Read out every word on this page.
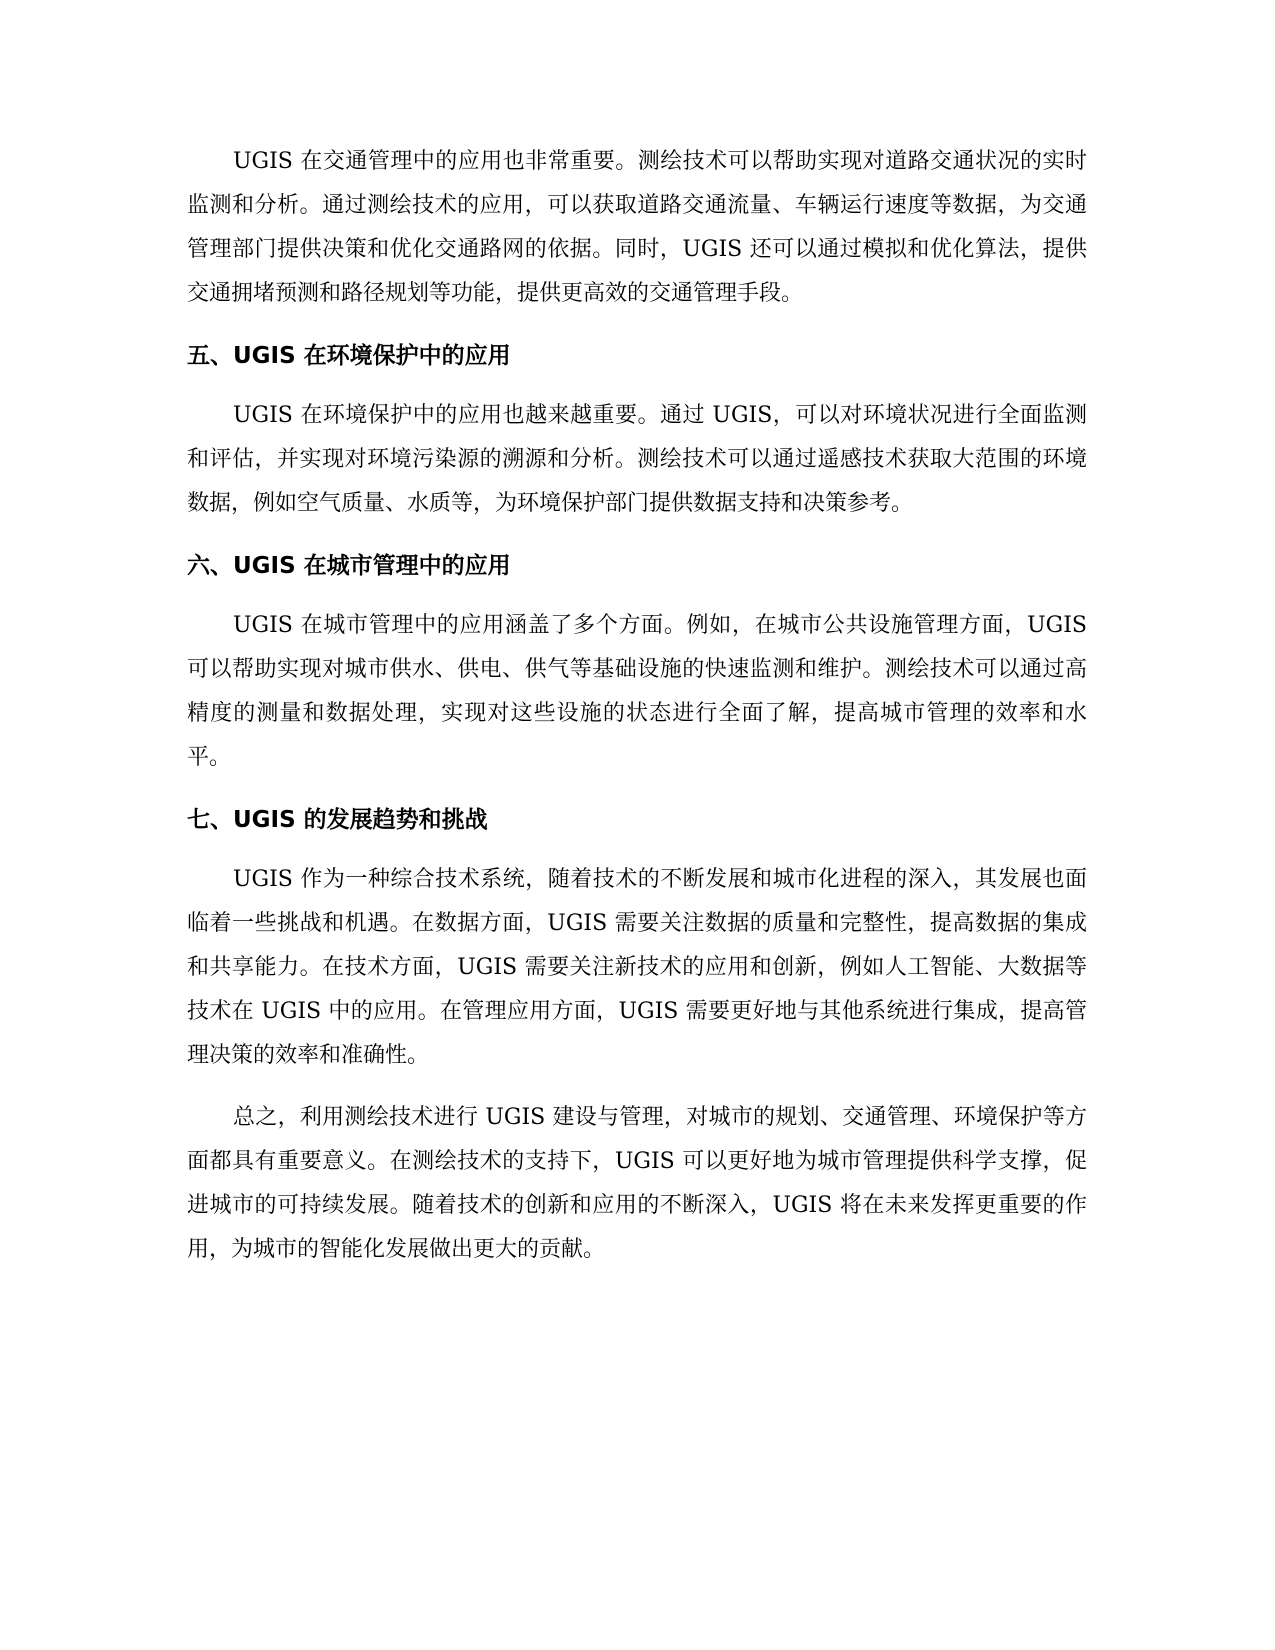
UGIS 在交通管理中的应用也非常重要。测绘技术可以帮助实现对道路交通状况的实时监测和分析。通过测绘技术的应用，可以获取道路交通流量、车辆运行速度等数据，为交通管理部门提供决策和优化交通路网的依据。同时，UGIS 还可以通过模拟和优化算法，提供交通拥堵预测和路径规划等功能，提供更高效的交通管理手段。

五、UGIS 在环境保护中的应用

UGIS 在环境保护中的应用也越来越重要。通过 UGIS，可以对环境状况进行全面监测和评估，并实现对环境污染源的溯源和分析。测绘技术可以通过遥感技术获取大范围的环境数据，例如空气质量、水质等，为环境保护部门提供数据支持和决策参考。

六、UGIS 在城市管理中的应用

UGIS 在城市管理中的应用涵盖了多个方面。例如，在城市公共设施管理方面，UGIS 可以帮助实现对城市供水、供电、供气等基础设施的快速监测和维护。测绘技术可以通过高精度的测量和数据处理，实现对这些设施的状态进行全面了解，提高城市管理的效率和水平。

七、UGIS 的发展趋势和挑战

UGIS 作为一种综合技术系统，随着技术的不断发展和城市化进程的深入，其发展也面临着一些挑战和机遇。在数据方面，UGIS 需要关注数据的质量和完整性，提高数据的集成和共享能力。在技术方面，UGIS 需要关注新技术的应用和创新，例如人工智能、大数据等技术在 UGIS 中的应用。在管理应用方面，UGIS 需要更好地与其他系统进行集成，提高管理决策的效率和准确性。

总之，利用测绘技术进行 UGIS 建设与管理，对城市的规划、交通管理、环境保护等方面都具有重要意义。在测绘技术的支持下，UGIS 可以更好地为城市管理提供科学支撑，促进城市的可持续发展。随着技术的创新和应用的不断深入，UGIS 将在未来发挥更重要的作用，为城市的智能化发展做出更大的贡献。
